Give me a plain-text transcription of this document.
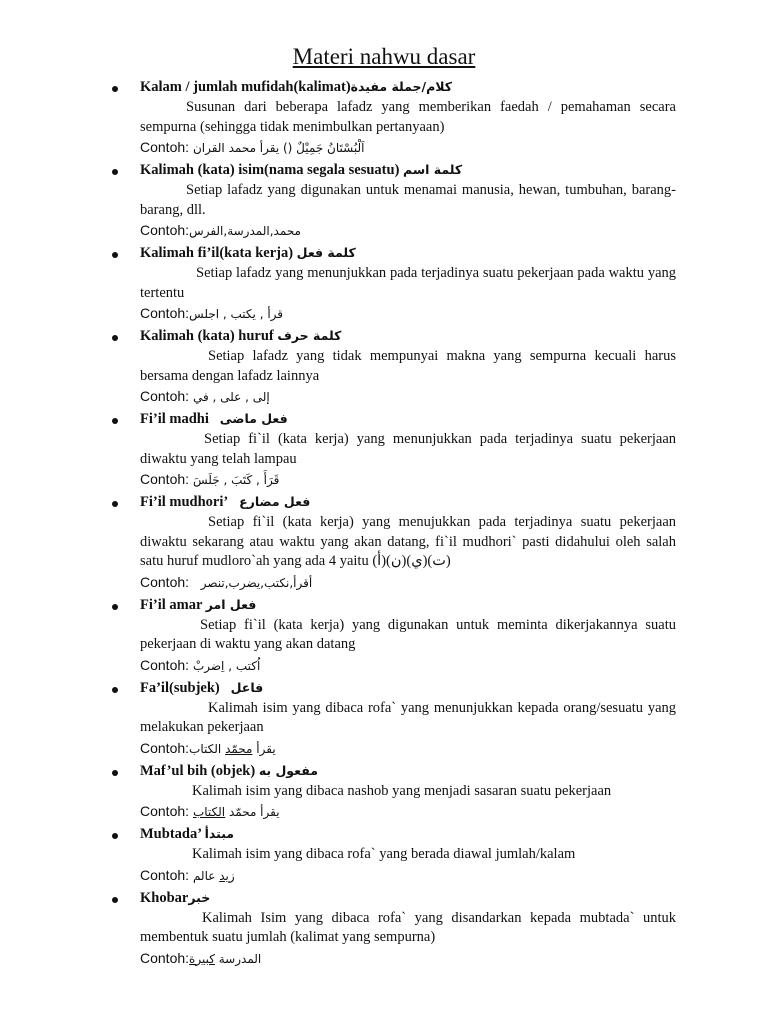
Materi nahwu dasar
Kalam / jumlah mufidah(kalimat)كلام/جملة مفيدة
Susunan dari beberapa lafadz yang memberikan faedah / pemahaman secara sempurna (sehingga tidak menimbulkan pertanyaan)
Contoh: اَلْبُسْتَانُ جَمِيْلٌ () يقرأ محمد القران
Kalimah (kata) isim(nama segala sesuatu) كلمة اسم
Setiap lafadz yang digunakan untuk menamai manusia, hewan, tumbuhan, barang-barang, dll.
Contoh:محمد,المدرسة,الفرس
Kalimah fi’il(kata kerja) كلمة فعل
Setiap lafadz yang menunjukkan pada terjadinya suatu pekerjaan pada waktu yang tertentu
Contoh:قرأ , يكتب , اجلس
Kalimah (kata) huruf كلمة حرف
Setiap lafadz yang tidak mempunyai makna yang sempurna kecuali harus bersama dengan lafadz lainnya
Contoh: إلى , على , في
Fi’il madhi فعل ماضى
Setiap fi`il (kata kerja) yang menunjukkan pada terjadinya suatu pekerjaan diwaktu yang telah lampau
Contoh: قَرَأَ , كَتَبَ , جَلَسَ
Fi’il mudhori’ فعل مضارع
Setiap fi`il (kata kerja) yang menujukkan pada terjadinya suatu pekerjaan diwaktu sekarang atau waktu yang akan datang, fi`il mudhori` pasti didahului oleh salah satu huruf mudloro`ah yang ada 4 yaitu (أ)(ن)(ي)(ت)
Contoh: أقرأ,نكتب,يضرب,تنصر
Fi’il amar فعل امر
Setiap fi`il (kata kerja) yang digunakan untuk meminta dikerjakannya suatu pekerjaan di waktu yang akan datang
Contoh: اُكتب , اِضربْ
Fa’il(subjek) فاعل
Kalimah isim yang dibaca rofa` yang menunjukkan kepada orang/sesuatu yang melakukan pekerjaan
Contoh:	يقرأ محمّد الكتاب
Maf’ul bih (objek) مفعول به
Kalimah isim yang dibaca nashob yang menjadi sasaran suatu pekerjaan
Contoh:	يقرأ محمّد الكتاب
Mubtada’ مبتدأ
Kalimah isim yang dibaca rofa` yang berada diawal jumlah/kalam
Contoh:	زيد عالم
Khobarخبر
Kalimah Isim yang dibaca rofa` yang disandarkan kepada mubtada` untuk membentuk suatu jumlah (kalimat yang sempurna)
Contoh: المدرسة كبيرة
